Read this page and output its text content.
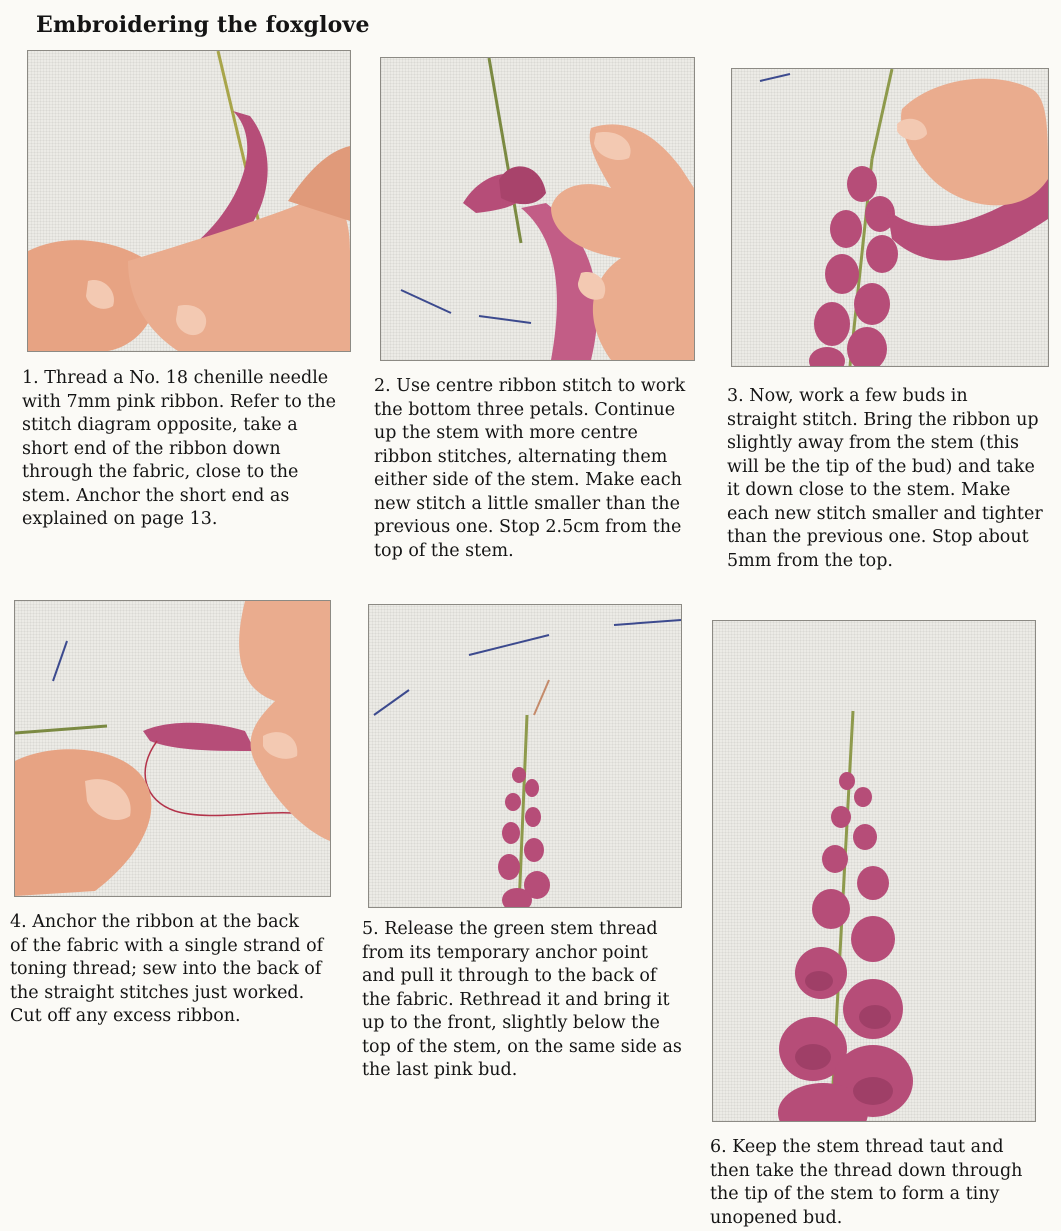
Embroidering the foxglove
1. Thread a No. 18 chenille needle
with 7mm pink ribbon. Refer to the
stitch diagram opposite, take a
short end of the ribbon down
through the fabric, close to the
stem. Anchor the short end as
explained on page 13.
2. Use centre ribbon stitch to work
the bottom three petals. Continue
up the stem with more centre
ribbon stitches, alternating them
either side of the stem. Make each
new stitch a little smaller than the
previous one. Stop 2.5cm from the
top of the stem.
3. Now, work a few buds in
straight stitch. Bring the ribbon up
slightly away from the stem (this
will be the tip of the bud) and take
it down close to the stem. Make
each new stitch smaller and tighter
than the previous one. Stop about
5mm from the top.
4. Anchor the ribbon at the back
of the fabric with a single strand of
toning thread; sew into the back of
the straight stitches just worked.
Cut off any excess ribbon.
5. Release the green stem thread
from its temporary anchor point
and pull it through to the back of
the fabric. Rethread it and bring it
up to the front, slightly below the
top of the stem, on the same side as
the last pink bud.
6. Keep the stem thread taut and
then take the thread down through
the tip of the stem to form a tiny
unopened bud.
